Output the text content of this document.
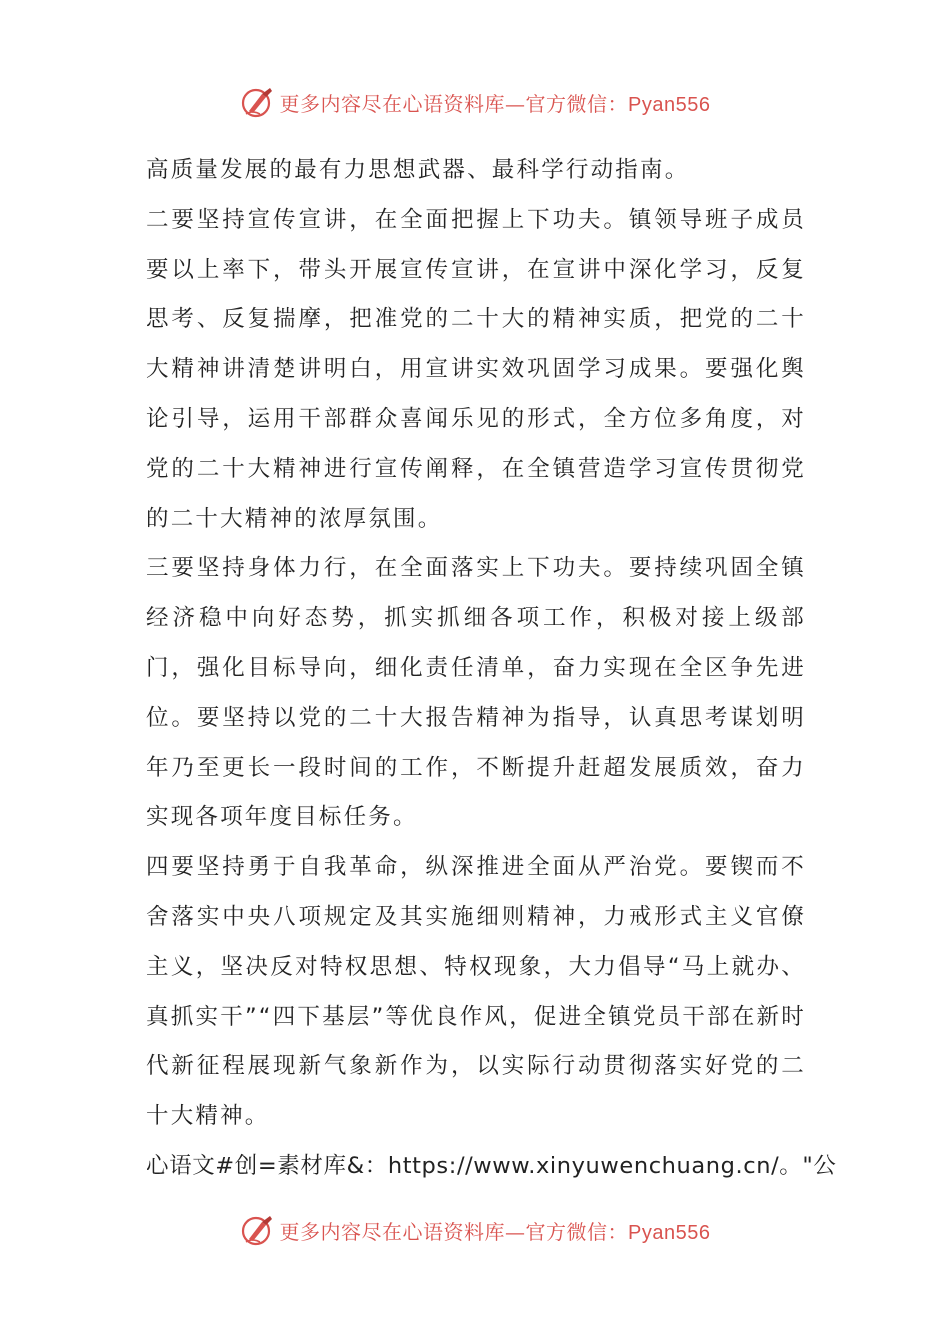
更多内容尽在心语资料库—官方微信：Pyan556

高质量发展的最有力思想武器、最科学行动指南。

二要坚持宣传宣讲，在全面把握上下功夫。镇领导班子成员要以上率下，带头开展宣传宣讲，在宣讲中深化学习，反复思考、反复揣摩，把准党的二十大的精神实质，把党的二十大精神讲清楚讲明白，用宣讲实效巩固学习成果。要强化舆论引导，运用干部群众喜闻乐见的形式，全方位多角度，对党的二十大精神进行宣传阐释，在全镇营造学习宣传贯彻党的二十大精神的浓厚氛围。

三要坚持身体力行，在全面落实上下功夫。要持续巩固全镇经济稳中向好态势，抓实抓细各项工作，积极对接上级部门，强化目标导向，细化责任清单，奋力实现在全区争先进位。要坚持以党的二十大报告精神为指导，认真思考谋划明年乃至更长一段时间的工作，不断提升赶超发展质效，奋力实现各项年度目标任务。

四要坚持勇于自我革命，纵深推进全面从严治党。要锲而不舍落实中央八项规定及其实施细则精神，力戒形式主义官僚主义，坚决反对特权思想、特权现象，大力倡导“马上就办、真抓实干”“四下基层”等优良作风，促进全镇党员干部在新时代新征程展现新气象新作为，以实际行动贯彻落实好党的二十大精神。

心语文#创=素材库&：https://www.xinyuwenchuang.cn/。"公

更多内容尽在心语资料库—官方微信：Pyan556
